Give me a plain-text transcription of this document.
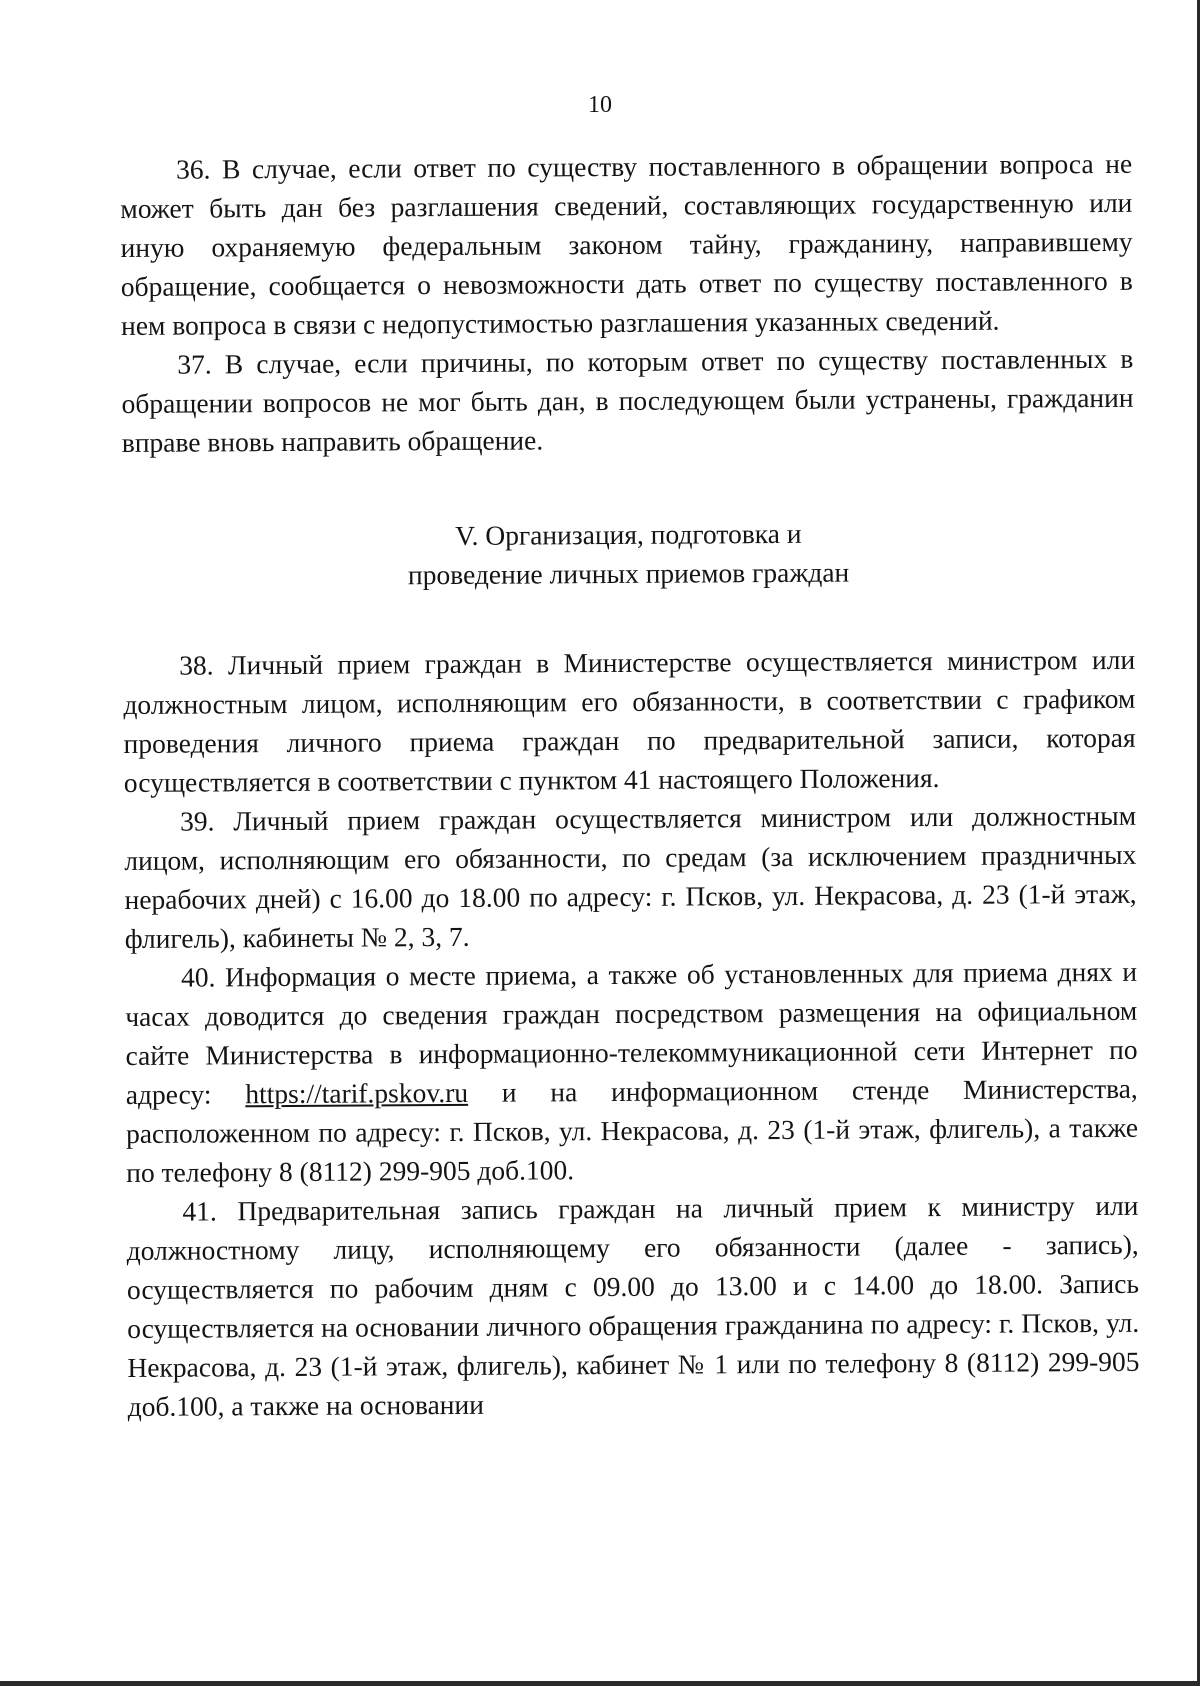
10

36. В случае, если ответ по существу поставленного в обращении вопроса не может быть дан без разглашения сведений, составляющих государственную или иную охраняемую федеральным законом тайну, гражданину, направившему обращение, сообщается о невозможности дать ответ по существу поставленного в нем вопроса в связи с недопустимостью разглашения указанных сведений.

37. В случае, если причины, по которым ответ по существу поставленных в обращении вопросов не мог быть дан, в последующем были устранены, гражданин вправе вновь направить обращение.

V. Организация, подготовка и
проведение личных приемов граждан

38. Личный прием граждан в Министерстве осуществляется министром или должностным лицом, исполняющим его обязанности, в соответствии с графиком проведения личного приема граждан по предварительной записи, которая осуществляется в соответствии с пунктом 41 настоящего Положения.

39. Личный прием граждан осуществляется министром или должностным лицом, исполняющим его обязанности, по средам (за исключением праздничных нерабочих дней) с 16.00 до 18.00 по адресу: г. Псков, ул. Некрасова, д. 23 (1-й этаж, флигель), кабинеты № 2, 3, 7.

40. Информация о месте приема, а также об установленных для приема днях и часах доводится до сведения граждан посредством размещения на официальном сайте Министерства в информационно-телекоммуникационной сети Интернет по адресу: https://tarif.pskov.ru и на информационном стенде Министерства, расположенном по адресу: г. Псков, ул. Некрасова, д. 23 (1-й этаж, флигель), а также по телефону 8 (8112) 299-905 доб.100.

41. Предварительная запись граждан на личный прием к министру или должностному лицу, исполняющему его обязанности (далее - запись), осуществляется по рабочим дням с 09.00 до 13.00 и с 14.00 до 18.00. Запись осуществляется на основании личного обращения гражданина по адресу: г. Псков, ул. Некрасова, д. 23 (1-й этаж, флигель), кабинет № 1 или по телефону 8 (8112) 299-905 доб.100, а также на основании
